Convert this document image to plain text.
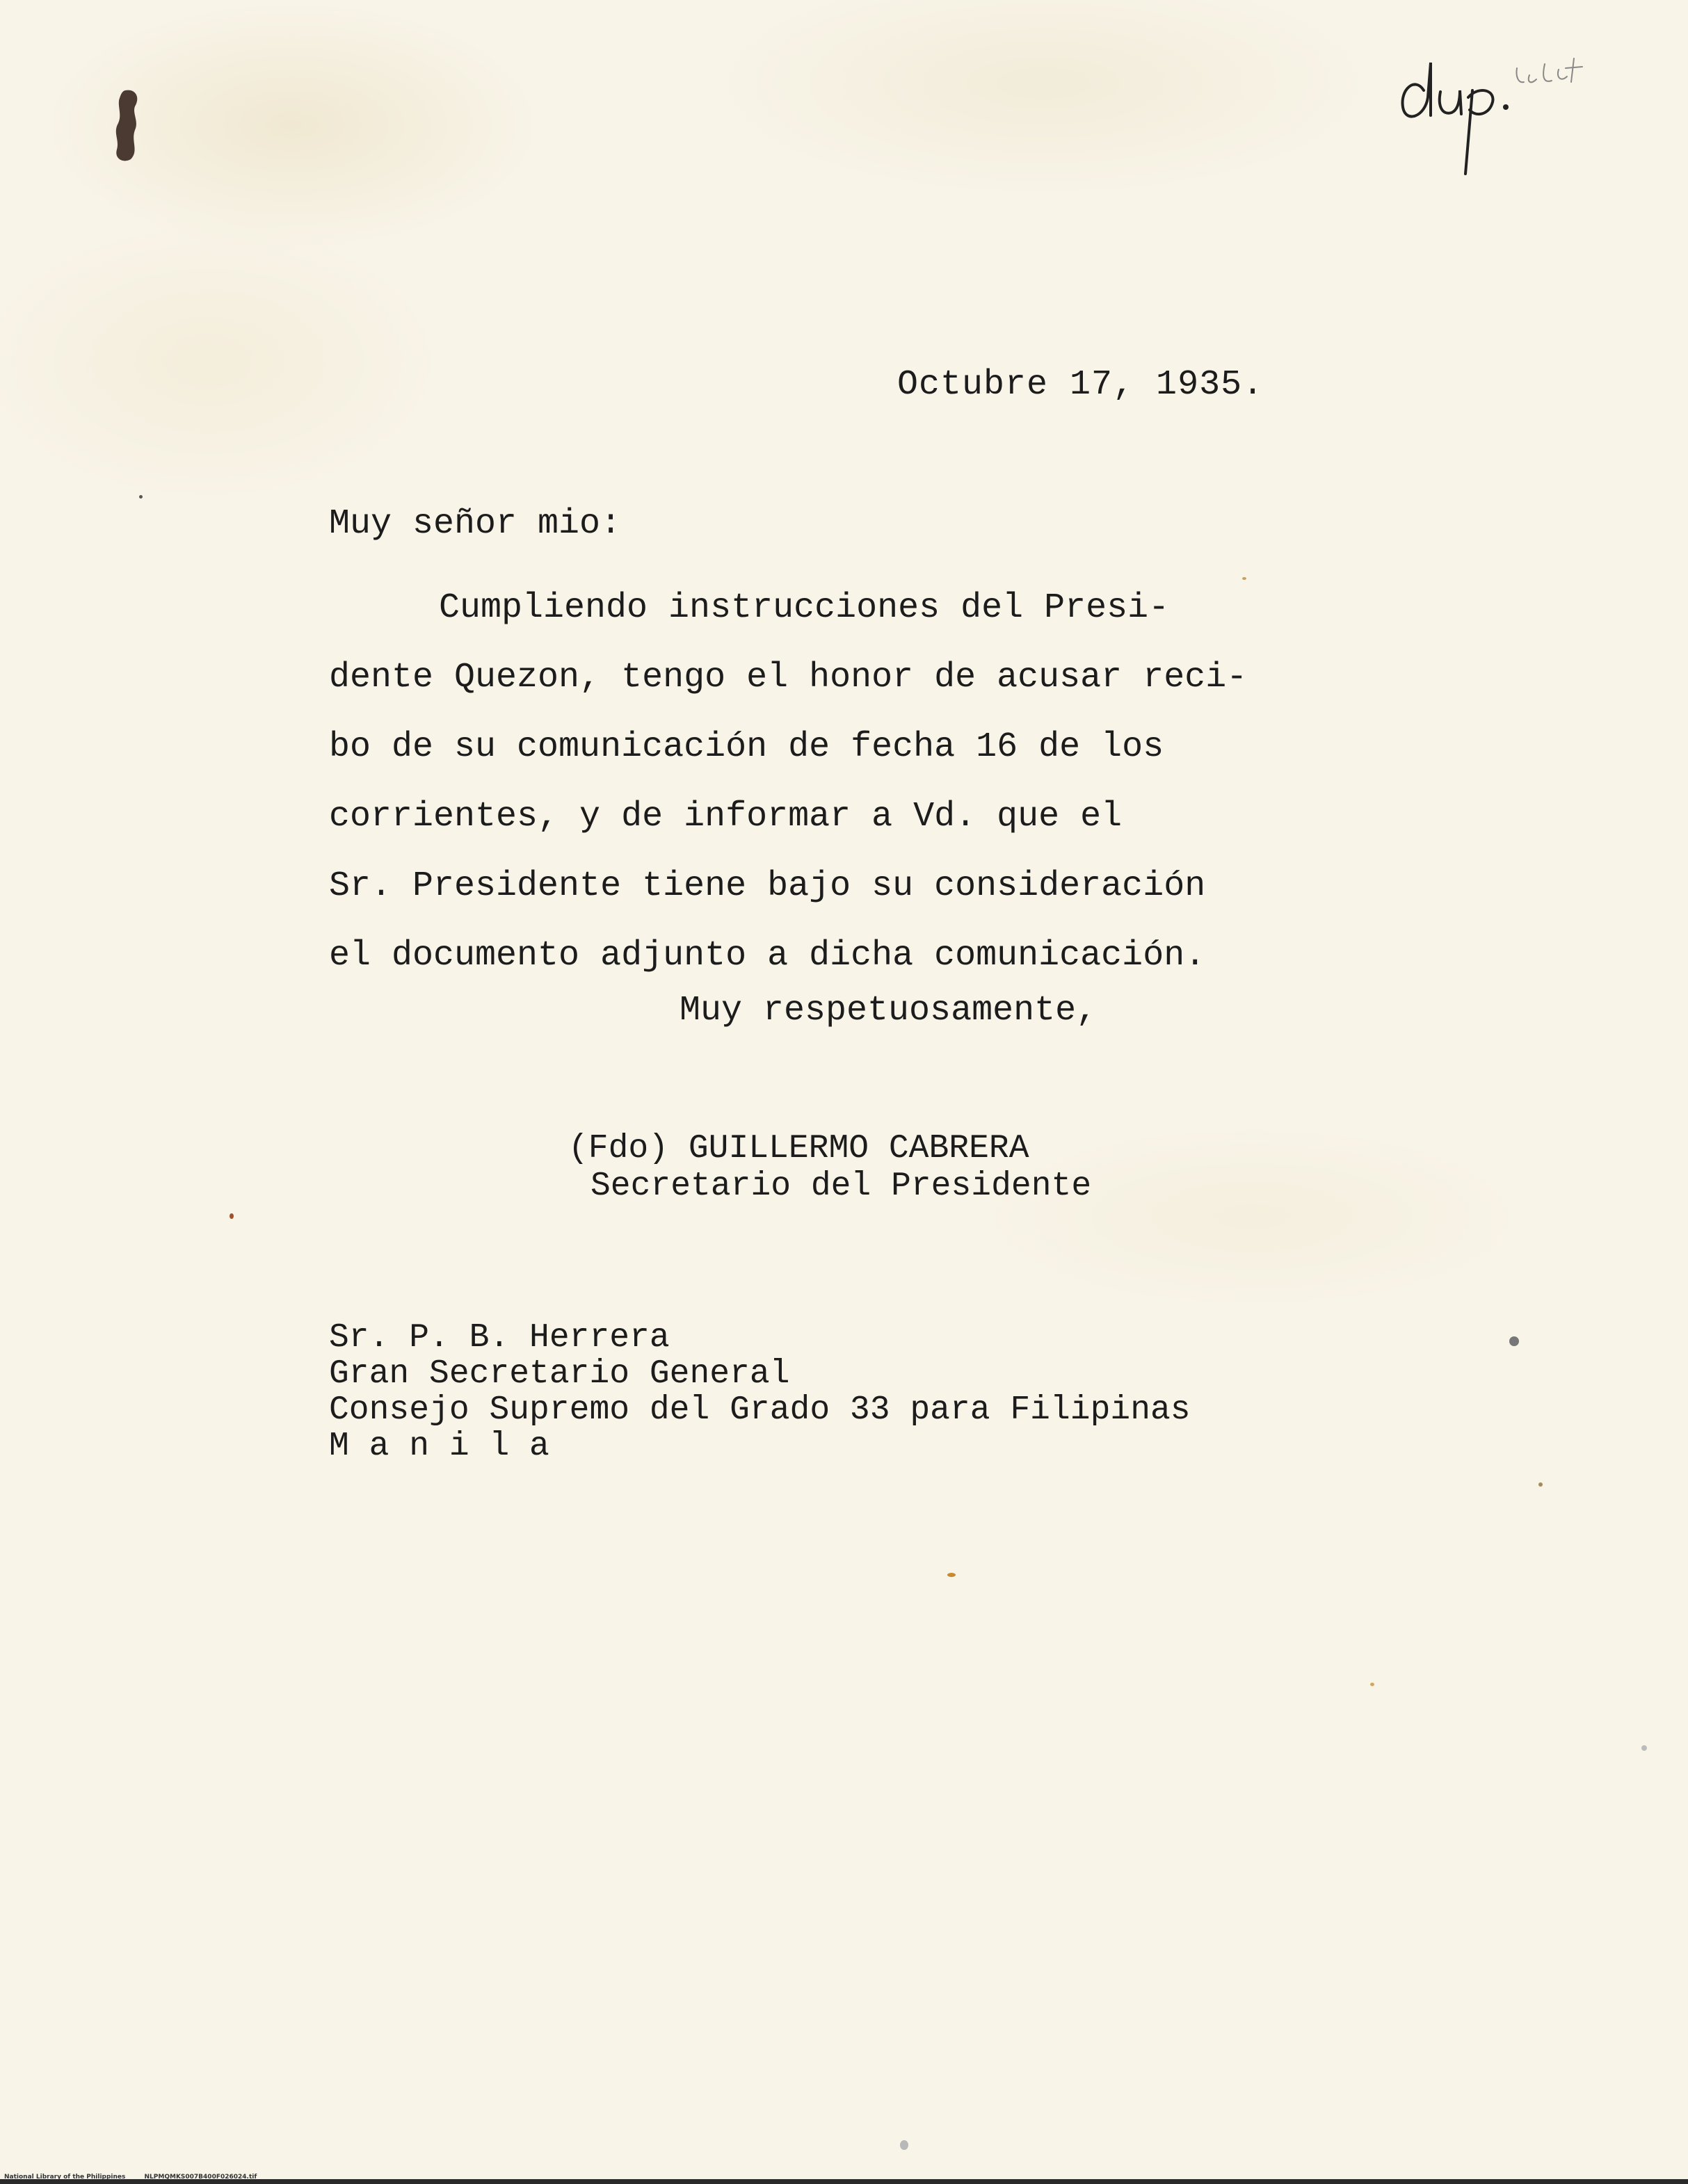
Octubre 17, 1935.
Muy señor mio:
Cumpliendo instrucciones del Presi-
dente Quezon, tengo el honor de acusar reci-
bo de su comunicación de fecha 16 de los
corrientes, y de informar a Vd. que el
Sr. Presidente tiene bajo su consideración
el documento adjunto a dicha comunicación.
Muy respetuosamente,
(Fdo) GUILLERMO CABRERA
Secretario del Presidente
Sr. P. B. Herrera
Gran Secretario General
Consejo Supremo del Grado 33 para Filipinas
M a n i l a
National Library of the Philippines	NLPMQMKS007B400F026024.tif
